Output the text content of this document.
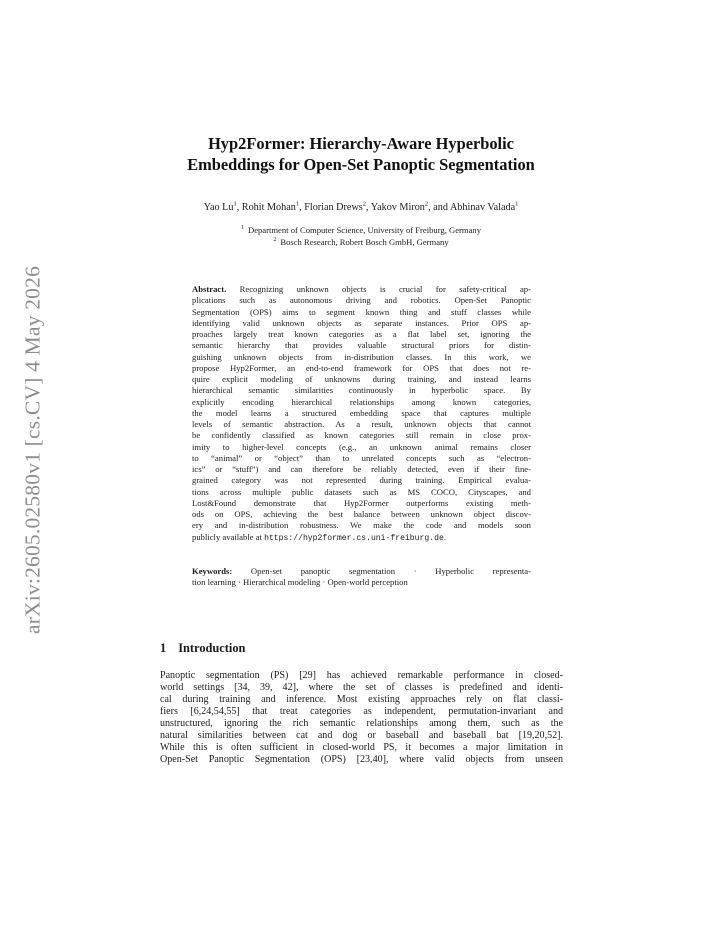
arXiv:2605.02580v1 [cs.CV] 4 May 2026
Hyp2Former: Hierarchy-Aware Hyperbolic
Embeddings for Open-Set Panoptic Segmentation
Yao Lu$^1$, Rohit Mohan$^1$, Florian Drews$^2$, Yakov Miron$^2$, and Abhinav Valada$^1$
$^1$ Department of Computer Science, University of Freiburg, Germany
$^2$ Bosch Research, Robert Bosch GmbH, Germany
Abstract. Recognizing unknown objects is crucial for safety-critical ap-
plications such as autonomous driving and robotics. Open-Set Panoptic
Segmentation (OPS) aims to segment known thing and stuff classes while
identifying valid unknown objects as separate instances. Prior OPS ap-
proaches largely treat known categories as a flat label set, ignoring the
semantic hierarchy that provides valuable structural priors for distin-
guishing unknown objects from in-distribution classes. In this work, we
propose Hyp2Former, an end-to-end framework for OPS that does not re-
quire explicit modeling of unknowns during training, and instead learns
hierarchical semantic similarities continuously in hyperbolic space. By
explicitly encoding hierarchical relationships among known categories,
the model learns a structured embedding space that captures multiple
levels of semantic abstraction. As a result, unknown objects that cannot
be confidently classified as known categories still remain in close prox-
imity to higher-level concepts (e.g., an unknown animal remains closer
to “animal” or “object” than to unrelated concepts such as “electron-
ics” or “stuff”) and can therefore be reliably detected, even if their fine-
grained category was not represented during training. Empirical evalua-
tions across multiple public datasets such as MS COCO, Cityscapes, and
Lost&Found demonstrate that Hyp2Former outperforms existing meth-
ods on OPS, achieving the best balance between unknown object discov-
ery and in-distribution robustness. We make the code and models soon
publicly available at https://hyp2former.cs.uni-freiburg.de.
Keywords: Open-set panoptic segmentation · Hyperbolic representa-
tion learning · Hierarchical modeling · Open-world perception
1 Introduction
Panoptic segmentation (PS) [29] has achieved remarkable performance in closed-
world settings [34, 39, 42], where the set of classes is predefined and identi-
cal during training and inference. Most existing approaches rely on flat classi-
fiers [6,24,54,55] that treat categories as independent, permutation-invariant and
unstructured, ignoring the rich semantic relationships among them, such as the
natural similarities between cat and dog or baseball and baseball bat [19,20,52].
While this is often sufficient in closed-world PS, it becomes a major limitation in
Open-Set Panoptic Segmentation (OPS) [23,40], where valid objects from unseen
